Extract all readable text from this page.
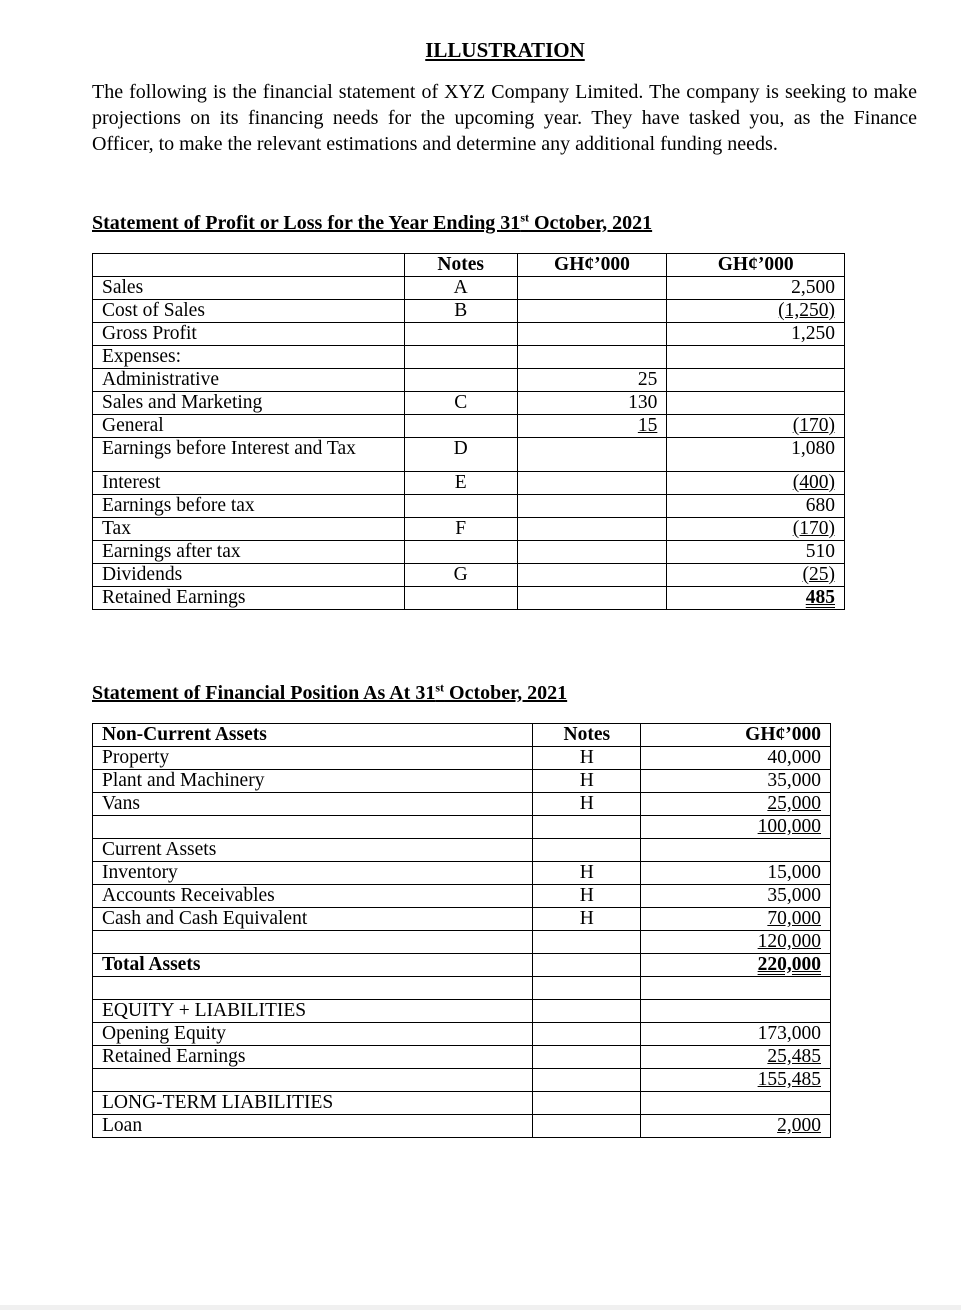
ILLUSTRATION
The following is the financial statement of XYZ Company Limited. The company is seeking to make projections on its financing needs for the upcoming year. They have tasked you, as the Finance Officer, to make the relevant estimations and determine any additional funding needs.
Statement of Profit or Loss for the Year Ending 31st October, 2021
	Notes	GH¢’000	GH¢’000
Sales	A		2,500
Cost of Sales	B		(1,250)
Gross Profit			1,250
Expenses:			
Administrative		25	
Sales and Marketing	C	130	
General		15	(170)
Earnings before Interest and Tax	D		1,080
Interest	E		(400)
Earnings before tax			680
Tax	F		(170)
Earnings after tax			510
Dividends	G		(25)
Retained Earnings			485
Statement of Financial Position As At 31st October, 2021
Non-Current Assets	Notes	GH¢’000
Property	H	40,000
Plant and Machinery	H	35,000
Vans	H	25,000
		100,000
Current Assets		
Inventory	H	15,000
Accounts Receivables	H	35,000
Cash and Cash Equivalent	H	70,000
		120,000
Total Assets		220,000

EQUITY + LIABILITIES		
Opening Equity		173,000
Retained Earnings		25,485
		155,485
LONG-TERM LIABILITIES		
Loan		2,000
